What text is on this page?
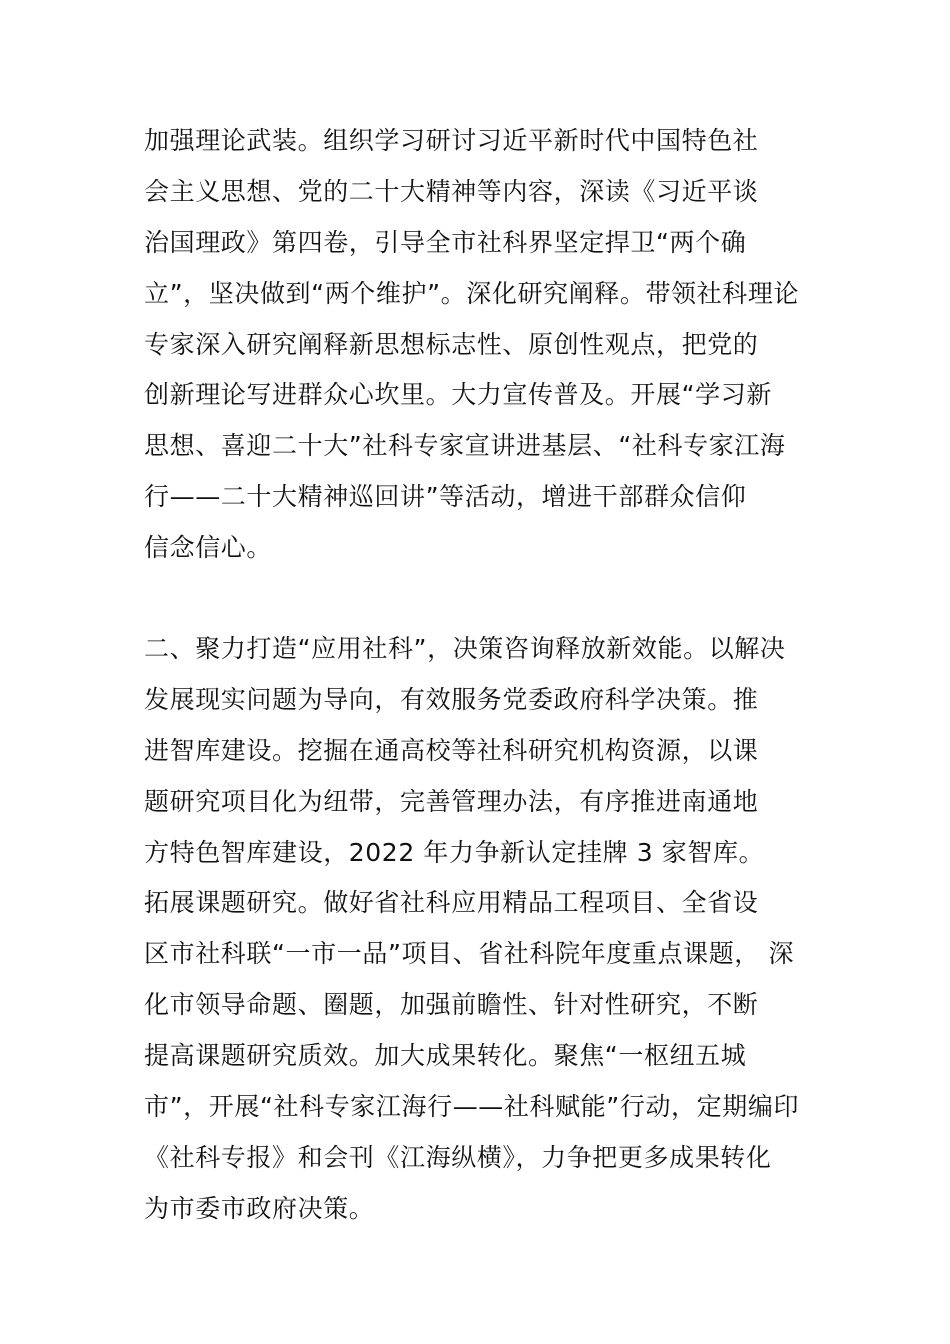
加强理论武装。组织学习研讨习近平新时代中国特色社
会主义思想、党的二十大精神等内容，深读《习近平谈
治国理政》第四卷，引导全市社科界坚定捍卫“两个确
立”，坚决做到“两个维护”。深化研究阐释。带领社科理论
专家深入研究阐释新思想标志性、原创性观点，把党的
创新理论写进群众心坎里。大力宣传普及。开展“学习新
思想、喜迎二十大”社科专家宣讲进基层、“社科专家江海
行——二十大精神巡回讲”等活动，增进干部群众信仰
信念信心。
二、聚力打造“应用社科”，决策咨询释放新效能。以解决
发展现实问题为导向，有效服务党委政府科学决策。推
进智库建设。挖掘在通高校等社科研究机构资源，以课
题研究项目化为纽带，完善管理办法，有序推进南通地
方特色智库建设，2022 年力争新认定挂牌 3 家智库。
拓展课题研究。做好省社科应用精品工程项目、全省设
区市社科联“一市一品”项目、省社科院年度重点课题， 深
化市领导命题、圈题，加强前瞻性、针对性研究，不断
提高课题研究质效。加大成果转化。聚焦“一枢纽五城
市”，开展“社科专家江海行——社科赋能”行动，定期编印
《社科专报》和会刊《江海纵横》，力争把更多成果转化
为市委市政府决策。
